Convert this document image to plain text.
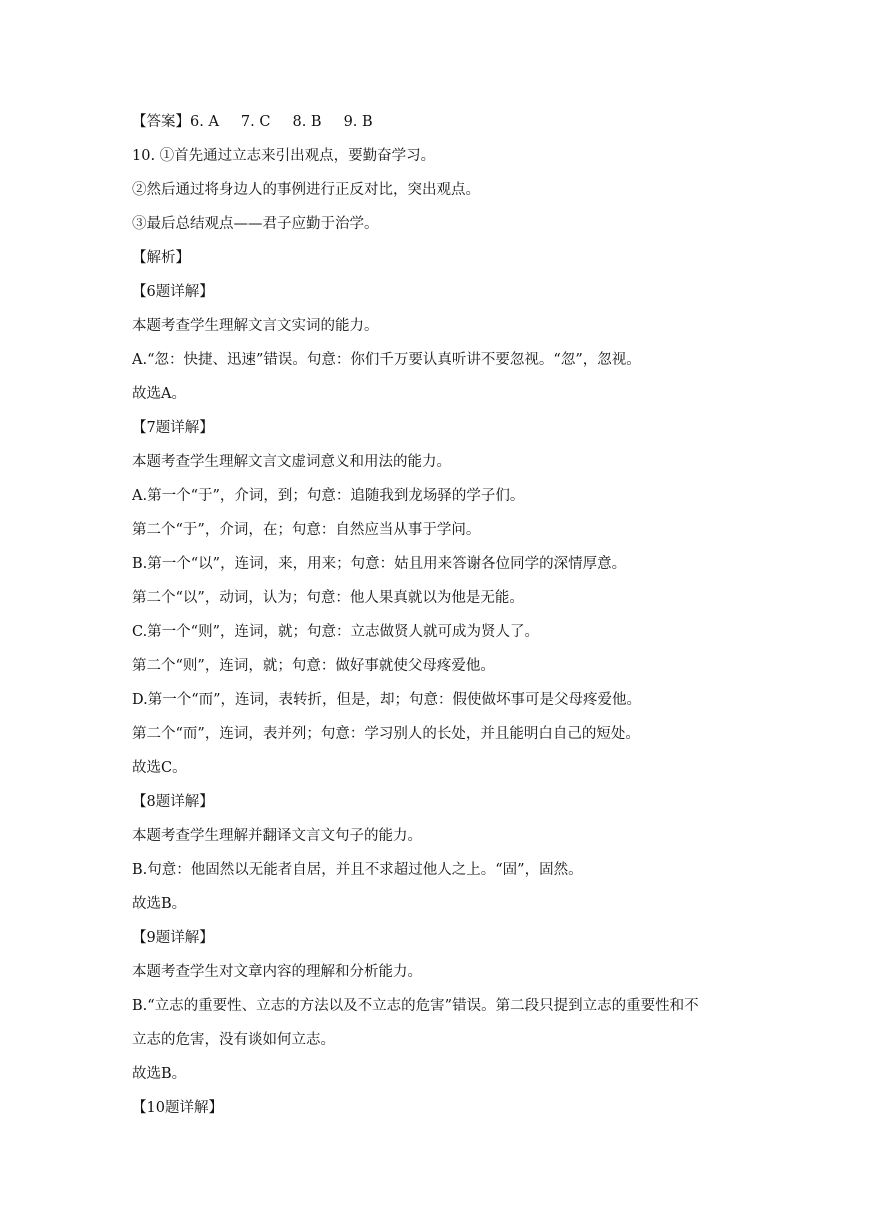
【答案】6. A 7. C 8. B 9. B
10. ①首先通过立志来引出观点，要勤奋学习。
②然后通过将身边人的事例进行正反对比，突出观点。
③最后总结观点——君子应勤于治学。
【解析】
【6题详解】
本题考查学生理解文言文实词的能力。
A.“忽：快捷、迅速”错误。句意：你们千万要认真听讲不要忽视。“忽”，忽视。
故选A。
【7题详解】
本题考查学生理解文言文虚词意义和用法的能力。
A.第一个“于”，介词，到；句意：追随我到龙场驿的学子们。
第二个“于”，介词，在；句意：自然应当从事于学问。
B.第一个“以”，连词，来，用来；句意：姑且用来答谢各位同学的深情厚意。
第二个“以”，动词，认为；句意：他人果真就以为他是无能。
C.第一个“则”，连词，就；句意：立志做贤人就可成为贤人了。
第二个“则”，连词，就；句意：做好事就使父母疼爱他。
D.第一个“而”，连词，表转折，但是，却；句意：假使做坏事可是父母疼爱他。
第二个“而”，连词，表并列；句意：学习别人的长处，并且能明白自己的短处。
故选C。
【8题详解】
本题考查学生理解并翻译文言文句子的能力。
B.句意：他固然以无能者自居，并且不求超过他人之上。“固”，固然。
故选B。
【9题详解】
本题考查学生对文章内容的理解和分析能力。
B.“立志的重要性、立志的方法以及不立志的危害”错误。第二段只提到立志的重要性和不
立志的危害，没有谈如何立志。
故选B。
【10题详解】
